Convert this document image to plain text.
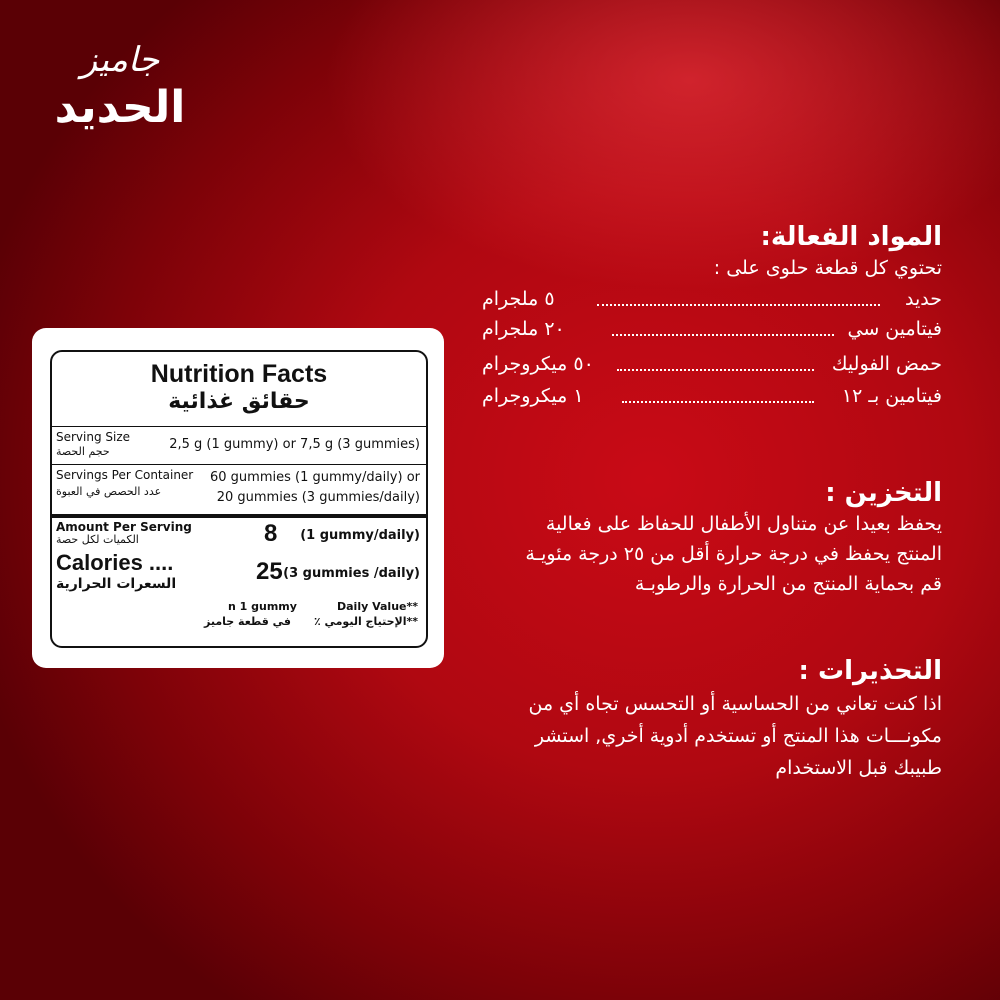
جاميز
الحديد
Nutrition Facts
حقائق غذائية
Serving Size
حجم الحصة	2,5 g (1 gummy) or 7,5 g (3 gummies)
Servings Per Container
عدد الحصص في العبوة
60 gummies (1 gummy/daily) or
20 gummies (3 gummies/daily)
Amount Per Serving
الكميات لكل حصة
Calories ....
السعرات الحرارية
8 (1 gummy/daily)
25 (3 gummies /daily)
n 1 gummy
في قطعة جاميز
Daily Value**
**الإحتياج اليومي ٪
المواد الفعالة:
تحتوي كل قطعة حلوى على :
حديد
٥ ملجرام
فيتامين سي
٢٠ ملجرام
حمض الفوليك
٥٠ ميكروجرام
فيتامين بـ ١٢
١ ميكروجرام
التخزين :
يحفظ بعيدا عن متناول الأطفال للحفاظ على فعالية
المنتج يحفظ في درجة حرارة أقل من ٢٥ درجة مئويـة
قم بحماية المنتج من الحرارة والرطوبـة
التحذيرات :
اذا كنت تعاني من الحساسية أو التحسس تجاه أي من
مكونـــات هذا المنتج أو تستخدم أدوية أخري, استشر
طبيبك قبل الاستخدام
